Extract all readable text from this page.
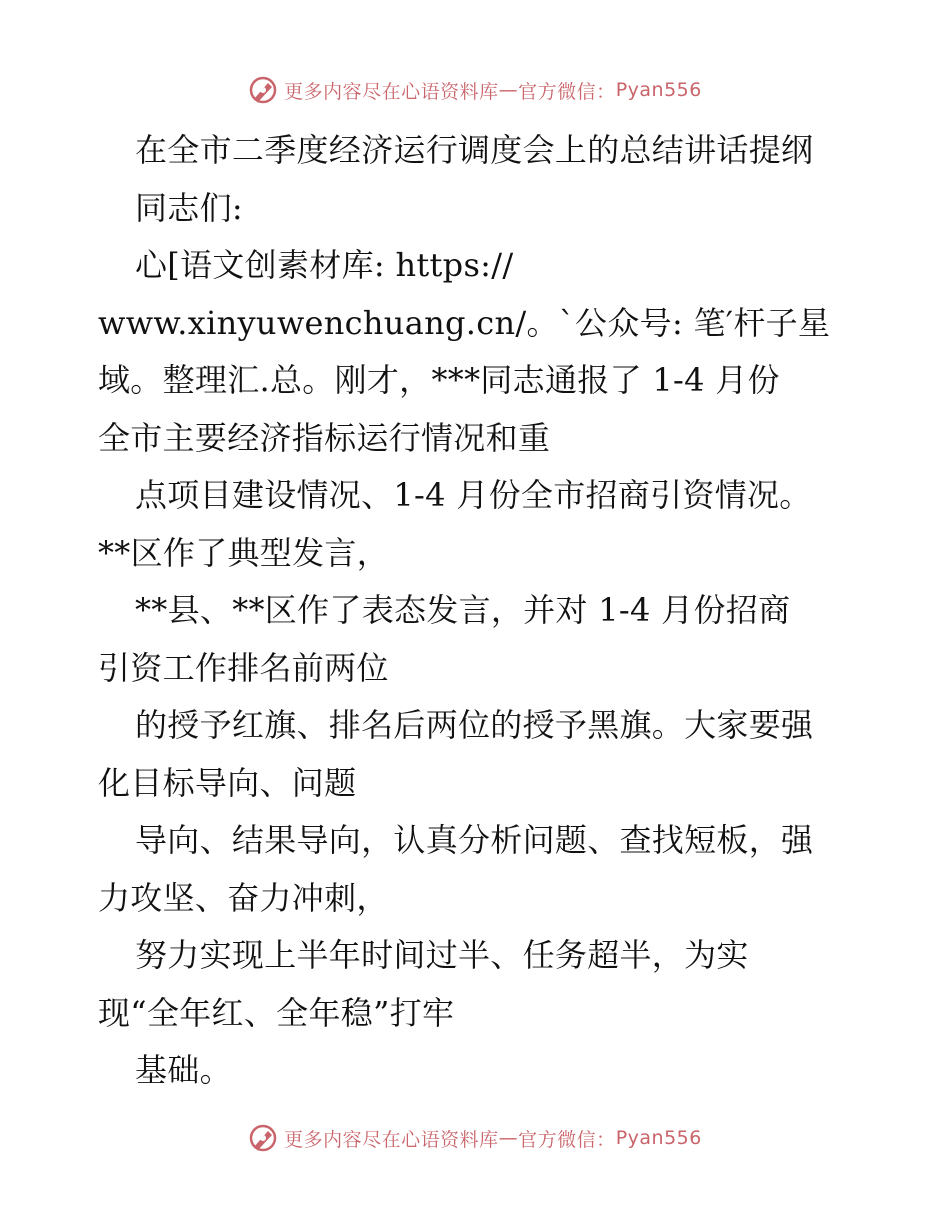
更多内容尽在心语资料库 — 官方微信： Pyan556
在全市二季度经济运行调度会上的总结讲话提纲
同志们:
心[语文创素材库: https://
www.xinyuwenchuang.cn/。`公众号: 笔′杆子星
域。整理汇.总。刚才，***同志通报了 1-4 月份
全市主要经济指标运行情况和重
点项目建设情况、1-4 月份全市招商引资情况。
**区作了典型发言，
**县、**区作了表态发言，并对 1-4 月份招商
引资工作排名前两位
的授予红旗、排名后两位的授予黑旗。大家要强
化目标导向、问题
导向、结果导向，认真分析问题、查找短板，强
力攻坚、奋力冲刺，
努力实现上半年时间过半、任务超半，为实
现“全年红、全年稳”打牢
基础。
更多内容尽在心语资料库 — 官方微信： Pyan556
